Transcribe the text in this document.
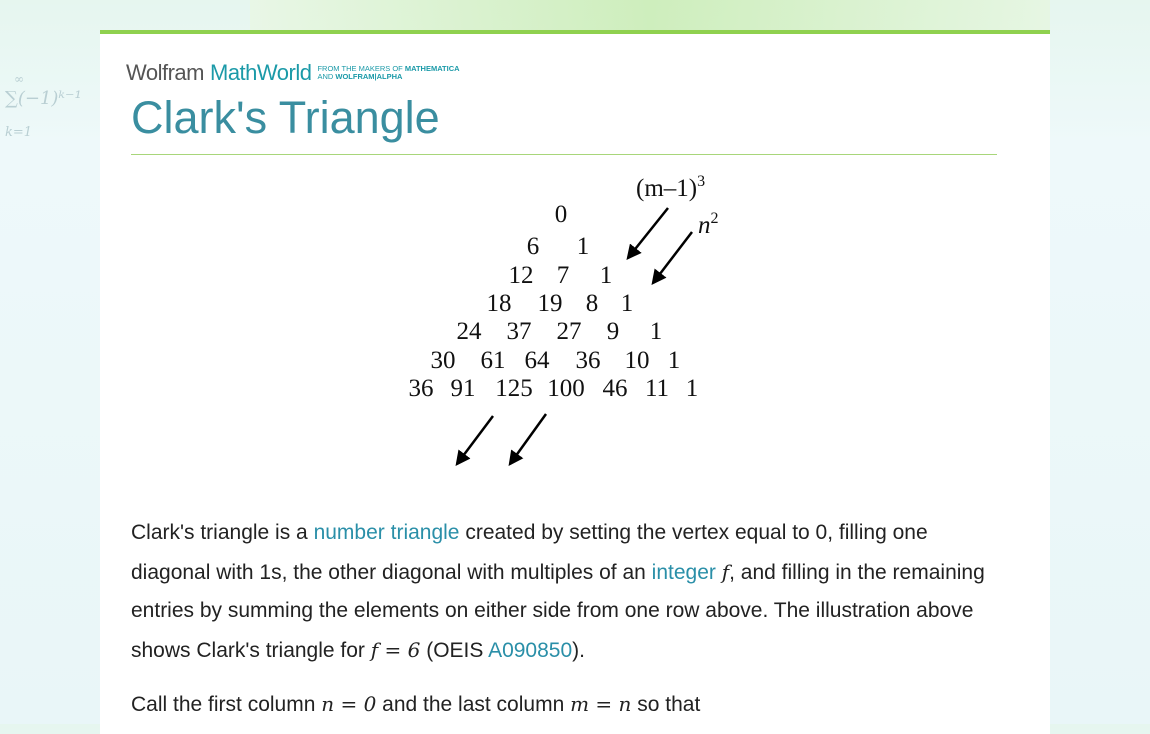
∑(−1)ᵏ⁻¹
k=1
∞	Wolfram MathWorld FROM THE MAKERS OF MATHEMATICA
AND WOLFRAM|ALPHA
Clark's Triangle
0
6 1
12 7 1
18 19 8 1
24 37 27 9 1
30 61 64 36 10 1
36 91 125 100 46 11 1
$(m-1)^3$
$n^2$

Clark's triangle is a number triangle created by setting the vertex equal to 0, filling one diagonal with 1s, the other diagonal with multiples of an integer f, and filling in the remaining entries by summing the elements on either side from one row above. The illustration above shows Clark's triangle for f = 6 (OEIS A090850).

Call the first column n = 0 and the last column m = n so that
